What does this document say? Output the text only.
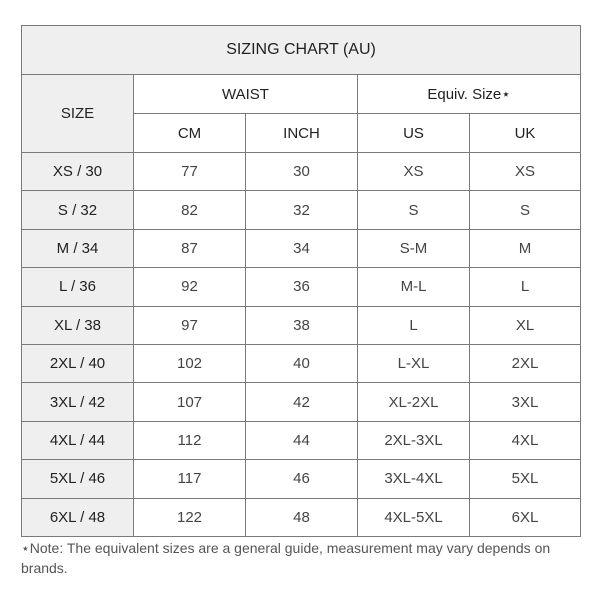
SIZING CHART (AU)				
SIZE	WAIST		Equiv. Size⋆	
	CM	INCH	US	UK
XS / 30	77	30	XS	XS
S / 32	82	32	S	S
M / 34	87	34	S-M	M
L / 36	92	36	M-L	L
XL / 38	97	38	L	XL
2XL / 40	102	40	L-XL	2XL
3XL / 42	107	42	XL-2XL	3XL
4XL / 44	112	44	2XL-3XL	4XL
5XL / 46	117	46	3XL-4XL	5XL
6XL / 48	122	48	4XL-5XL	6XL
⋆Note: The equivalent sizes are a general guide, measurement may vary depends on brands.
